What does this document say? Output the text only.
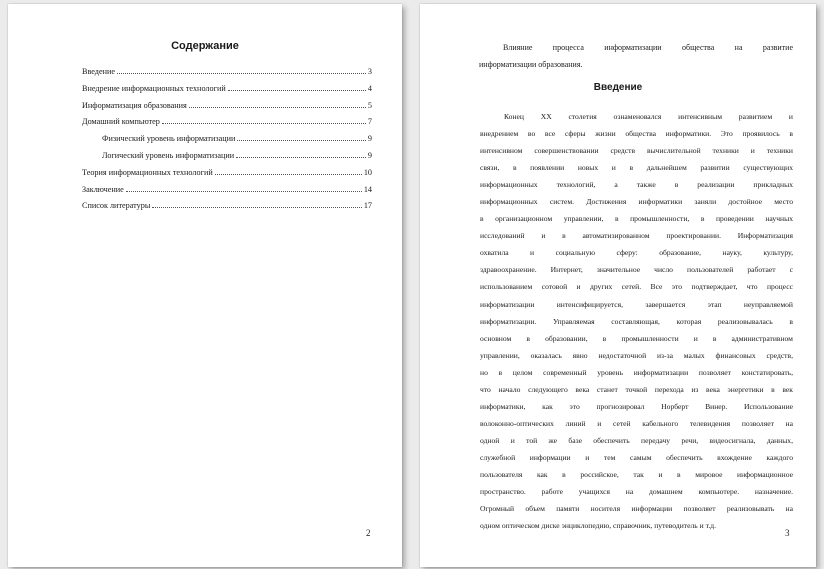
Содержание
Введение	3
Внедрение информационных технологий	4
Информатизация образования	5
Домашний компьютер	7
Физический уровень информатизации	9
Логический уровень информатизации	9
Теория информационных технологий	10
Заключение	14
Список литературы	17
2
Влияние процесса информатизации общества на развитие
информатизации образования.
Введение
Конец XX столетия ознаменовался интенсивным развитием и
внедрением во все сферы жизни общества информатики. Это проявилось в
интенсивном совершенствовании средств вычислительной техники и техники
связи, в появлении новых и в дальнейшем развитии существующих
информационных технологий, а также в реализации прикладных
информационных систем. Достижения информатики заняли достойное место
в организационном управлении, в промышленности, в проведении научных
исследований и в автоматизированном проектировании. Информатизация
охватила и социальную сферу: образование, науку, культуру,
здравоохранение. Интернет, значительное число пользователей работает с
использованием сотовой и других сетей. Все это подтверждает, что процесс
информатизации интенсифицируется, завершается этап неуправляемой
информатизации. Управляемая составляющая, которая реализовывалась в
основном в образовании, в промышленности и в административном
управлении, оказалась явно недостаточной из-за малых финансовых средств,
но в целом современный уровень информатизации позволяет констатировать,
что начало следующего века станет точкой перехода из века энергетики в век
информатики, как это прогнозировал Норберт Винер. Использование
волоконно-оптических линий и сетей кабельного телевидения позволяет на
одной и той же базе обеспечить передачу речи, видеосигнала, данных,
служебной информации и тем самым обеспечить вхождение каждого
пользователя как в российское, так и в мировое информационное
пространство. работе учащихся на домашнем компьютере. назначение.
Огромный объем памяти носителя информации позволяет реализовывать на
одном оптическом диске энциклопедию, справочник, путеводитель и т.д.
3
